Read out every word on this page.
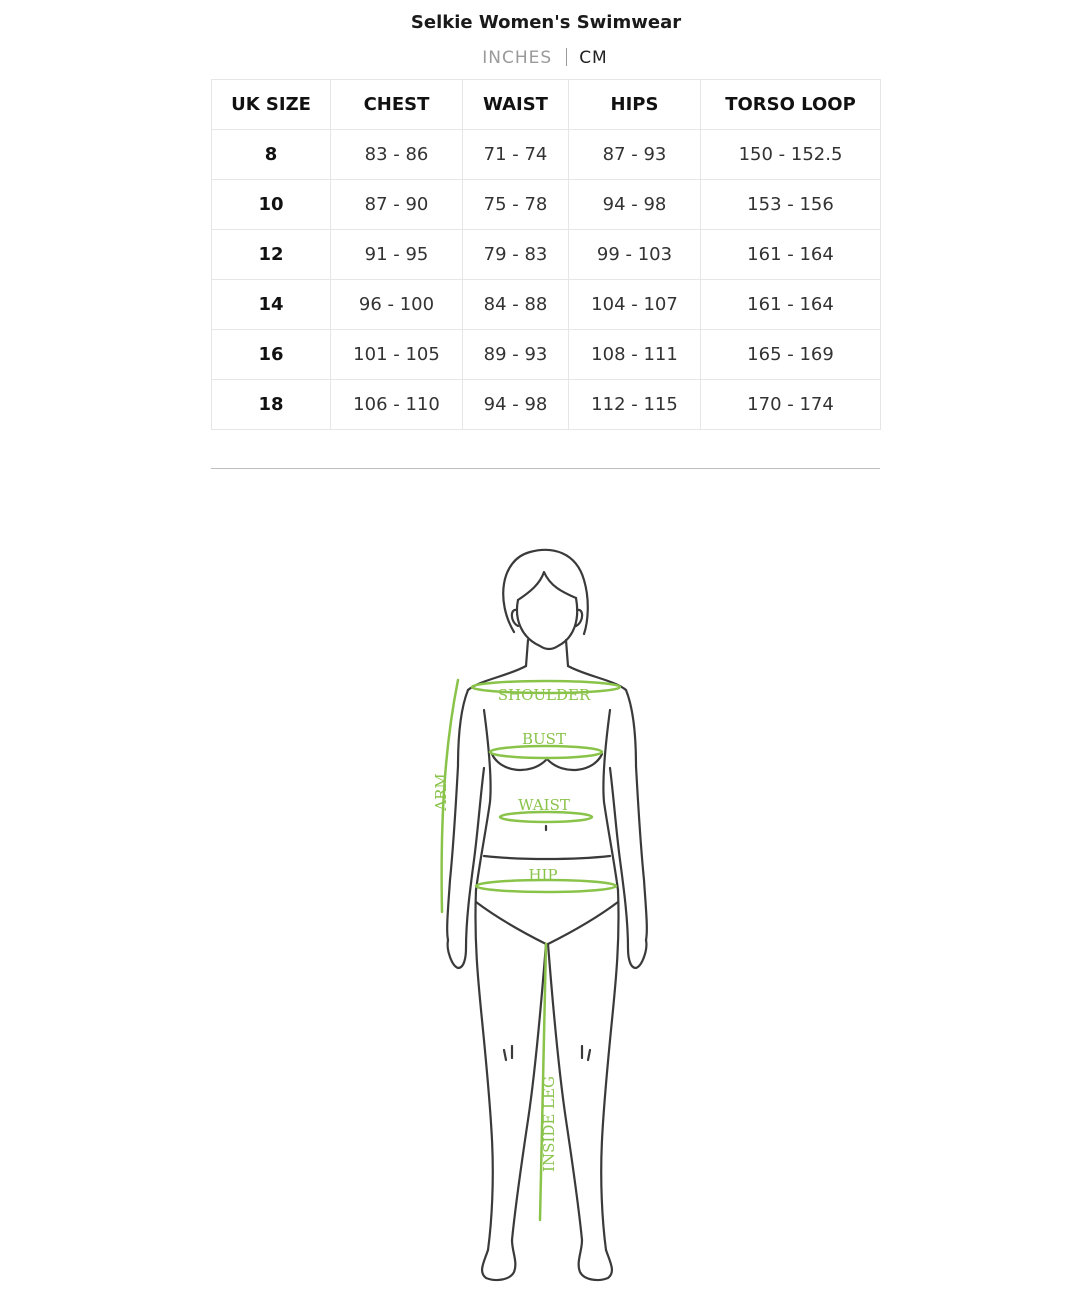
Selkie Women's Swimwear
INCHES CM
UK SIZE	CHEST	WAIST	HIPS	TORSO LOOP
8	83 - 86	71 - 74	87 - 93	150 - 152.5
10	87 - 90	75 - 78	94 - 98	153 - 156
12	91 - 95	79 - 83	99 - 103	161 - 164
14	96 - 100	84 - 88	104 - 107	161 - 164
16	101 - 105	89 - 93	108 - 111	165 - 169
18	106 - 110	94 - 98	112 - 115	170 - 174
SHOULDER
BUST
WAIST
HIP
ARM
INSIDE LEG
